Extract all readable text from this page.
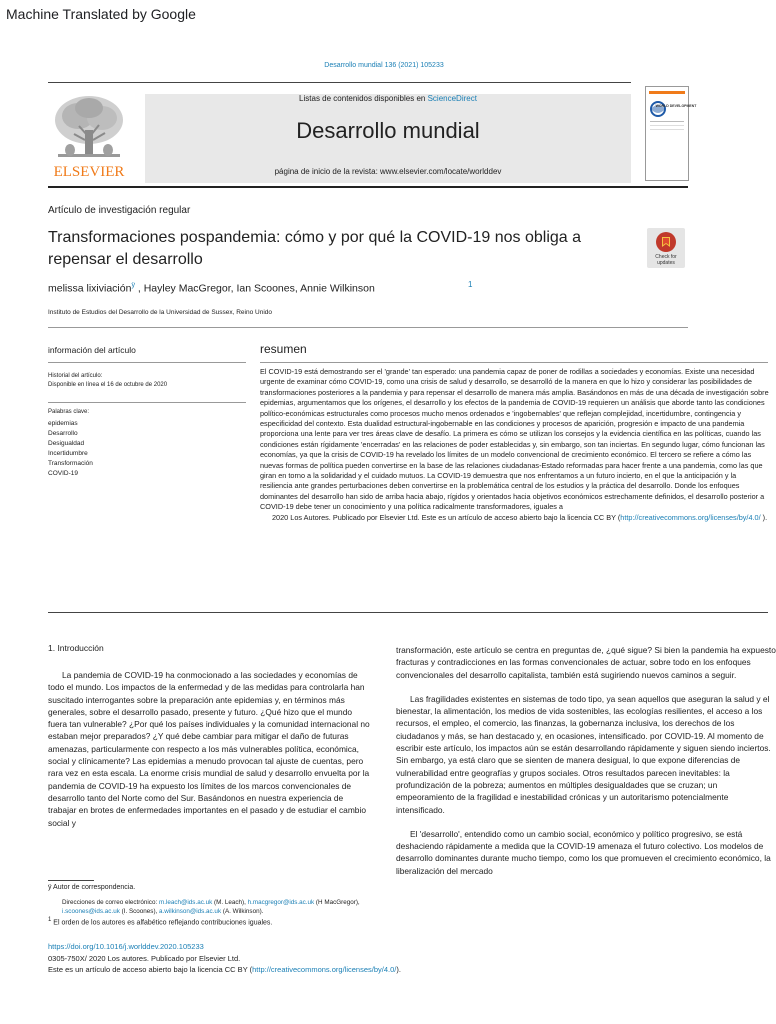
Machine Translated by Google
Desarrollo mundial 136 (2021) 105233
ELSEVIER
Listas de contenidos disponibles en ScienceDirect
Desarrollo mundial
página de inicio de la revista: www.elsevier.com/locate/worlddev
WORLD DEVELOPMENT
Artículo de investigación regular
Transformaciones pospandemia: cómo y por qué la COVID-19 nos obliga a repensar el desarrollo	Check for updates
melissa lixiviación$^ÿ$ , Hayley MacGregor, Ian Scoones, Annie Wilkinson	1
Instituto de Estudios del Desarrollo de la Universidad de Sussex, Reino Unido
información del artículo
Historial del artículo:
Disponible en línea el 16 de octubre de 2020
Palabras clave:
epidemias
Desarrollo
Desigualdad
Incertidumbre
Transformación
COVID-19
resumen

El COVID-19 está demostrando ser el 'grande' tan esperado: una pandemia capaz de poner de rodillas a sociedades y economías. Existe una necesidad urgente de examinar cómo COVID-19, como una crisis de salud y desarrollo, se desarrolló de la manera en que lo hizo y considerar las posibilidades de transformaciones posteriores a la pandemia y para repensar el desarrollo de manera más amplia. Basándonos en más de una década de investigación sobre epidemias, argumentamos que los orígenes, el desarrollo y los efectos de la pandemia de COVID-19 requieren un análisis que aborde tanto las condiciones político-económicas estructurales como procesos mucho menos ordenados e 'ingobernables' que reflejan complejidad, incertidumbre, contingencia y especificidad del contexto. Esta dualidad estructural-ingobernable en las condiciones y procesos de aparición, progresión e impacto de una pandemia proporciona una lente para ver tres áreas clave de desafío. La primera es cómo se utilizan los consejos y la evidencia científica en las políticas, cuando las condiciones están rígidamente 'encerradas' en las relaciones de poder establecidas y, sin embargo, son tan inciertas. En segundo lugar, cómo funcionan las economías, ya que la crisis de COVID-19 ha revelado los límites de un modelo convencional de crecimiento económico. El tercero se refiere a cómo las nuevas formas de política pueden convertirse en la base de las relaciones ciudadanas-Estado reformadas para hacer frente a una pandemia, como las que giran en torno a la solidaridad y el cuidado mutuos. La COVID-19 demuestra que nos enfrentamos a un futuro incierto, en el que la anticipación y la resiliencia ante grandes perturbaciones deben convertirse en la problemática central de los estudios y la práctica del desarrollo. Donde los enfoques dominantes del desarrollo han sido de arriba hacia abajo, rígidos y orientados hacia objetivos económicos estrechamente definidos, el desarrollo posterior a COVID-19 debe tener un conocimiento y una política radicalmente transformadores, iguales a

2020 Los Autores. Publicado por Elsevier Ltd. Este es un artículo de acceso abierto bajo la licencia CC BY (http://creativecommons.org/licenses/by/4.0/ ).

1. Introducción

La pandemia de COVID-19 ha conmocionado a las sociedades y economías de todo el mundo. Los impactos de la enfermedad y de las medidas para controlarla han suscitado interrogantes sobre la preparación ante epidemias y, en términos más generales, sobre el desarrollo pasado, presente y futuro. ¿Qué hizo que el mundo fuera tan vulnerable? ¿Por qué los países individuales y la comunidad internacional no estaban mejor preparados? ¿Y qué debe cambiar para mitigar el daño de futuras amenazas, particularmente con respecto a los más vulnerables política, económica, social y clínicamente? Las epidemias a menudo provocan tal ajuste de cuentas, pero rara vez en esta escala. La enorme crisis mundial de salud y desarrollo envuelta por la pandemia de COVID-19 ha expuesto los límites de los marcos convencionales de desarrollo tanto del Norte como del Sur. Basándonos en nuestra experiencia de trabajar en brotes de enfermedades importantes en el pasado y de estudiar el cambio social y

transformación, este artículo se centra en preguntas de, ¿qué sigue? Si bien la pandemia ha expuesto fracturas y contradicciones en las formas convencionales de actuar, sobre todo en los enfoques convencionales del desarrollo capitalista, también está sugiriendo nuevos caminos a seguir.

Las fragilidades existentes en sistemas de todo tipo, ya sean aquellos que aseguran la salud y el bienestar, la alimentación, los medios de vida sostenibles, las ecologías resilientes, el acceso a los recursos, el empleo, el comercio, las finanzas, la gobernanza inclusiva, los derechos de los ciudadanos y más, se han destacado y, en ocasiones, intensificado. por COVID-19. Al momento de escribir este artículo, los impactos aún se están desarrollando rápidamente y siguen siendo inciertos. Sin embargo, ya está claro que se sienten de manera desigual, lo que expone diferencias de vulnerabilidad entre geografías y grupos sociales. Otros resultados parecen inevitables: la profundización de la pobreza; aumentos en múltiples desigualdades que se cruzan; un empeoramiento de la fragilidad e inestabilidad crónicas y un autoritarismo potencialmente intensificado.

El 'desarrollo', entendido como un cambio social, económico y político progresivo, se está deshaciendo rápidamente a medida que la COVID-19 amenaza el futuro colectivo. Los modelos de desarrollo dominantes durante mucho tiempo, como los que promueven el crecimiento económico, la liberalización del mercado

ÿ Autor de correspondencia.
Direcciones de correo electrónico: m.leach@ids.ac.uk (M. Leach), h.macgregor@ids.ac.uk (H MacGregor), i.scoones@ids.ac.uk (I. Scoones), a.wilkinson@ids.ac.uk (A. Wilkinson).
$^1$ El orden de los autores es alfabético reflejando contribuciones iguales.
https://doi.org/10.1016/j.worlddev.2020.105233
0305-750X/ 2020 Los autores. Publicado por Elsevier Ltd.
Este es un artículo de acceso abierto bajo la licencia CC BY (http://creativecommons.org/licenses/by/4.0/).
